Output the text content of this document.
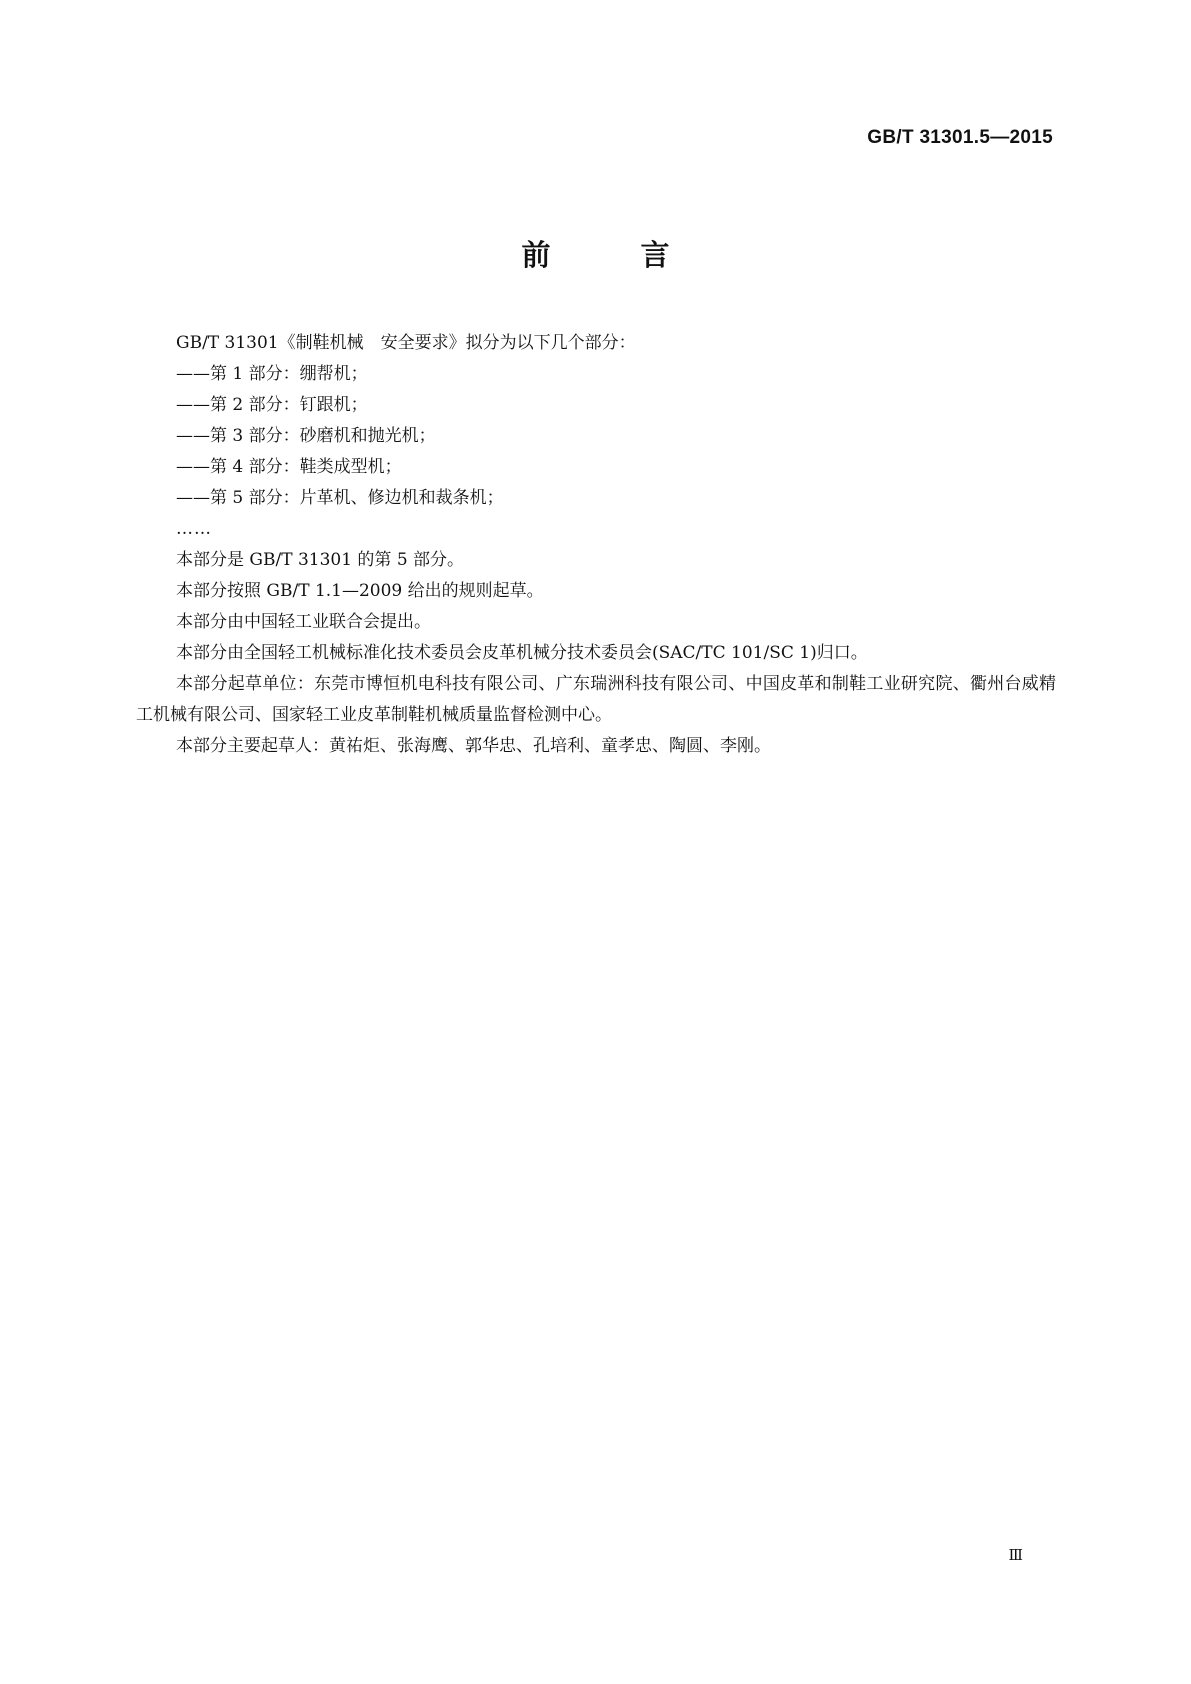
GB/T 31301.5—2015
前 言

GB/T 31301《制鞋机械　安全要求》拟分为以下几个部分：

——第 1 部分：绷帮机；
——第 2 部分：钉跟机；
——第 3 部分：砂磨机和抛光机；
——第 4 部分：鞋类成型机；
——第 5 部分：片革机、修边机和裁条机；
……

本部分是 GB/T 31301 的第 5 部分。

本部分按照 GB/T 1.1—2009 给出的规则起草。

本部分由中国轻工业联合会提出。

本部分由全国轻工机械标准化技术委员会皮革机械分技术委员会(SAC/TC 101/SC 1)归口。

本部分起草单位：东莞市博恒机电科技有限公司、广东瑞洲科技有限公司、中国皮革和制鞋工业研究院、衢州台威精工机械有限公司、国家轻工业皮革制鞋机械质量监督检测中心。

本部分主要起草人：黄祐炬、张海鹰、郭华忠、孔培利、童孝忠、陶圆、李刚。

Ⅲ
